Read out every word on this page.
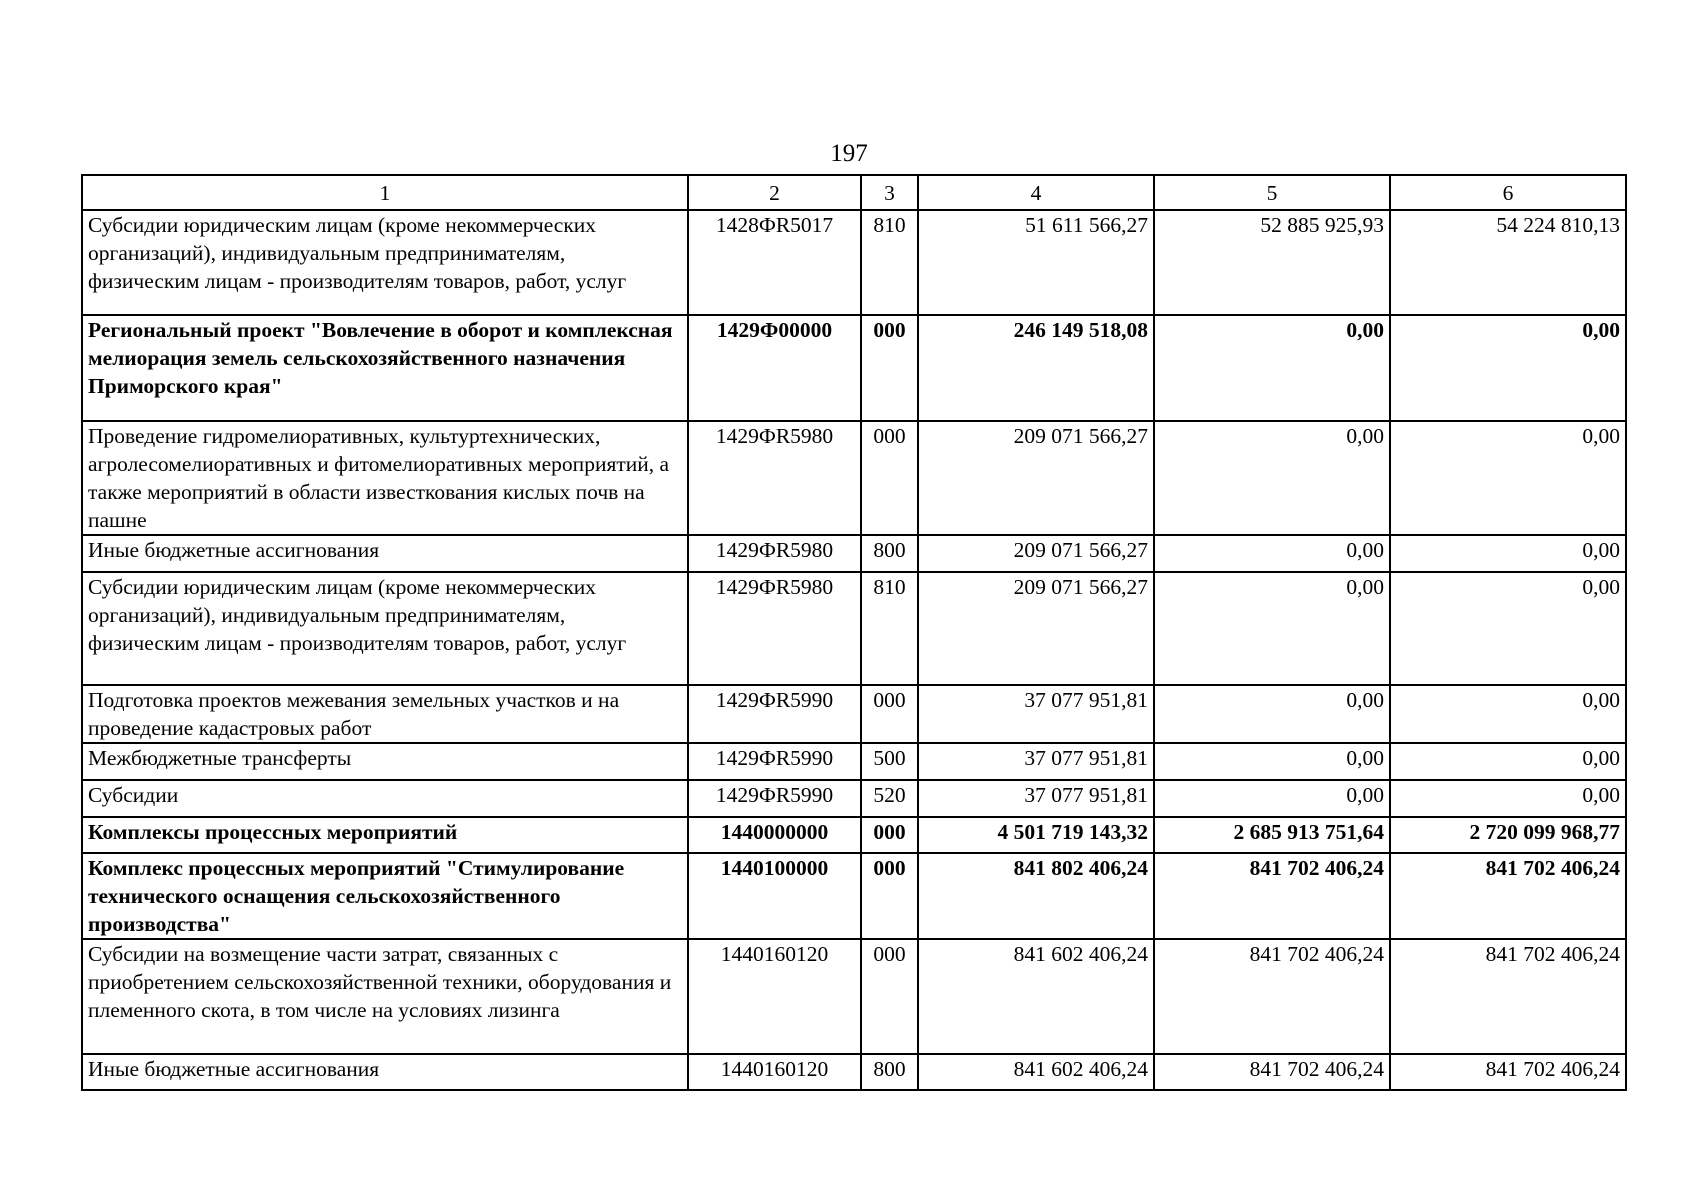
197
1	2	3	4	5	6
Субсидии юридическим лицам (кроме некоммерческих организаций), индивидуальным предпринимателям, физическим лицам - производителям товаров, работ, услуг	1428ФR5017	810	51 611 566,27	52 885 925,93	54 224 810,13
Региональный проект "Вовлечение в оборот и комплексная мелиорация земель сельскохозяйственного назначения Приморского края"	1429Ф00000	000	246 149 518,08	0,00	0,00
Проведение гидромелиоративных, культуртехнических, агролесомелиоративных и фитомелиоративных мероприятий, а также мероприятий в области известкования кислых почв на пашне	1429ФR5980	000	209 071 566,27	0,00	0,00
Иные бюджетные ассигнования	1429ФR5980	800	209 071 566,27	0,00	0,00
Субсидии юридическим лицам (кроме некоммерческих организаций), индивидуальным предпринимателям, физическим лицам - производителям товаров, работ, услуг	1429ФR5980	810	209 071 566,27	0,00	0,00
Подготовка проектов межевания земельных участков и на проведение кадастровых работ	1429ФR5990	000	37 077 951,81	0,00	0,00
Межбюджетные трансферты	1429ФR5990	500	37 077 951,81	0,00	0,00
Субсидии	1429ФR5990	520	37 077 951,81	0,00	0,00
Комплексы процессных мероприятий	1440000000	000	4 501 719 143,32	2 685 913 751,64	2 720 099 968,77
Комплекс процессных мероприятий "Стимулирование технического оснащения сельскохозяйственного производства"	1440100000	000	841 802 406,24	841 702 406,24	841 702 406,24
Субсидии на возмещение части затрат, связанных с приобретением сельскохозяйственной техники, оборудования и племенного скота, в том числе на условиях лизинга	1440160120	000	841 602 406,24	841 702 406,24	841 702 406,24
Иные бюджетные ассигнования	1440160120	800	841 602 406,24	841 702 406,24	841 702 406,24
